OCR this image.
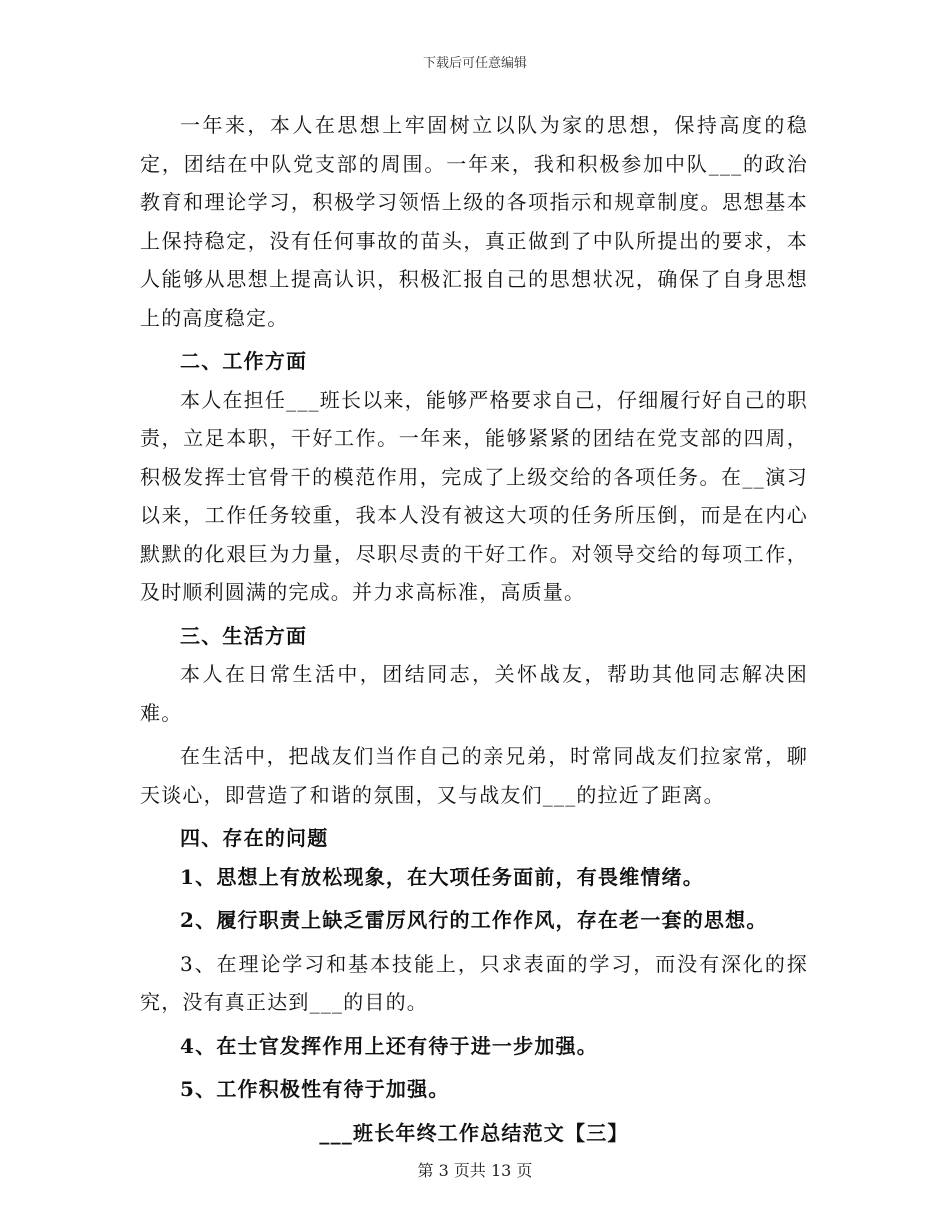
下载后可任意编辑

一年来，本人在思想上牢固树立以队为家的思想，保持高度的稳定，团结在中队党支部的周围。一年来，我和积极参加中队___的政治教育和理论学习，积极学习领悟上级的各项指示和规章制度。思想基本上保持稳定，没有任何事故的苗头，真正做到了中队所提出的要求，本人能够从思想上提高认识，积极汇报自己的思想状况，确保了自身思想上的高度稳定。

二、工作方面

本人在担任___班长以来，能够严格要求自己，仔细履行好自己的职责，立足本职，干好工作。一年来，能够紧紧的团结在党支部的四周，积极发挥士官骨干的模范作用，完成了上级交给的各项任务。在__演习以来，工作任务较重，我本人没有被这大项的任务所压倒，而是在内心默默的化艰巨为力量，尽职尽责的干好工作。对领导交给的每项工作，及时顺利圆满的完成。并力求高标准，高质量。

三、生活方面

本人在日常生活中，团结同志，关怀战友，帮助其他同志解决困难。

在生活中，把战友们当作自己的亲兄弟，时常同战友们拉家常，聊天谈心，即营造了和谐的氛围，又与战友们___的拉近了距离。

四、存在的问题

1、思想上有放松现象，在大项任务面前，有畏维情绪。

2、履行职责上缺乏雷厉风行的工作作风，存在老一套的思想。

3、在理论学习和基本技能上，只求表面的学习，而没有深化的探究，没有真正达到___的目的。

4、在士官发挥作用上还有待于进一步加强。

5、工作积极性有待于加强。

___班长年终工作总结范文【三】

第 3 页共 13 页
